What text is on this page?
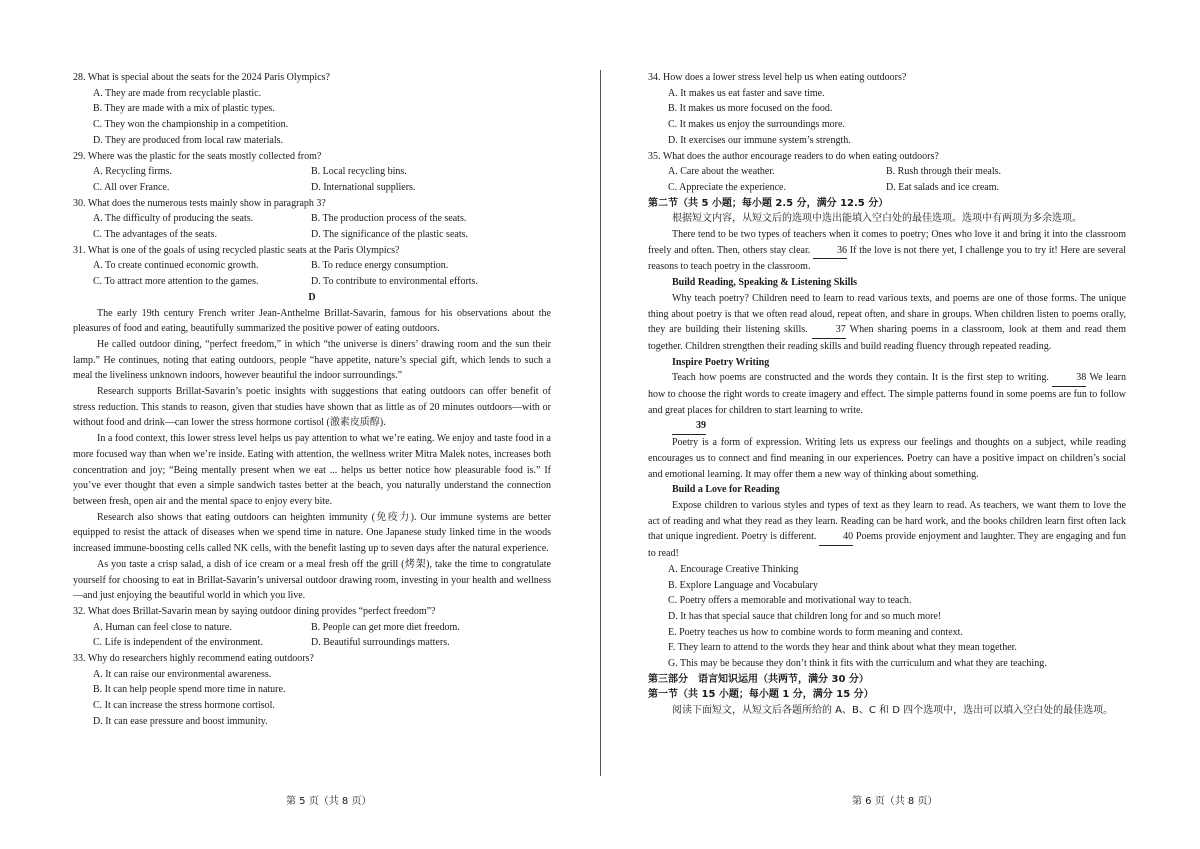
28. What is special about the seats for the 2024 Paris Olympics?
A. They are made from recyclable plastic.
B. They are made with a mix of plastic types.
C. They won the championship in a competition.
D. They are produced from local raw materials.
29. Where was the plastic for the seats mostly collected from?
A. Recycling firms.	B. Local recycling bins.
C. All over France.	D. International suppliers.
30. What does the numerous tests mainly show in paragraph 3?
A. The difficulty of producing the seats.	B. The production process of the seats.
C. The advantages of the seats.	D. The significance of the plastic seats.
31. What is one of the goals of using recycled plastic seats at the Paris Olympics?
A. To create continued economic growth.	B. To reduce energy consumption.
C. To attract more attention to the games.	D. To contribute to environmental efforts.
D
The early 19th century French writer Jean-Anthelme Brillat-Savarin, famous for his observations about the pleasures of food and eating, beautifully summarized the positive power of eating outdoors.
He called outdoor dining, “perfect freedom,” in which “the universe is diners’ drawing room and the sun their lamp.” He continues, noting that eating outdoors, people “have appetite, nature’s special gift, which lends to such a meal the liveliness unknown indoors, however beautiful the indoor surroundings.”
Research supports Brillat-Savarin’s poetic insights with suggestions that eating outdoors can offer benefit of stress reduction. This stands to reason, given that studies have shown that as little as of 20 minutes outdoors—with or without food and drink—can lower the stress hormone cortisol (激素皮质醇).
In a food context, this lower stress level helps us pay attention to what we’re eating. We enjoy and taste food in a more focused way than when we’re inside. Eating with attention, the wellness writer Mitra Malek notes, increases both concentration and joy; “Being mentally present when we eat ... helps us better notice how pleasurable food is.” If you’ve ever thought that even a simple sandwich tastes better at the beach, you naturally understand the connection between fresh, open air and the mental space to enjoy every bite.
Research also shows that eating outdoors can heighten immunity (免疫力). Our immune systems are better equipped to resist the attack of diseases when we spend time in nature. One Japanese study linked time in the woods increased immune-boosting cells called NK cells, with the benefit lasting up to seven days after the natural experience.
As you taste a crisp salad, a dish of ice cream or a meal fresh off the grill (烤架), take the time to congratulate yourself for choosing to eat in Brillat-Savarin’s universal outdoor drawing room, investing in your health and wellness—and just enjoying the beautiful world in which you live.
32. What does Brillat-Savarin mean by saying outdoor dining provides “perfect freedom”?
A. Human can feel close to nature.	B. People can get more diet freedom.
C. Life is independent of the environment.	D. Beautiful surroundings matters.
33. Why do researchers highly recommend eating outdoors?
A. It can raise our environmental awareness.
B. It can help people spend more time in nature.
C. It can increase the stress hormone cortisol.
D. It can ease pressure and boost immunity.
34. How does a lower stress level help us when eating outdoors?
A. It makes us eat faster and save time.
B. It makes us more focused on the food.
C. It makes us enjoy the surroundings more.
D. It exercises our immune system’s strength.
35. What does the author encourage readers to do when eating outdoors?
A. Care about the weather.	B. Rush through their meals.
C. Appreciate the experience.	D. Eat salads and ice cream.
第二节（共 5 小题；每小题 2.5 分，满分 12.5 分）
根据短文内容，从短文后的选项中选出能填入空白处的最佳选项。选项中有两项为多余选项。
There tend to be two types of teachers when it comes to poetry; Ones who love it and bring it into the classroom freely and often. Then, others stay clear.	36 If the love is not there yet, I challenge you to try it! Here are several reasons to teach poetry in the classroom.
Build Reading, Speaking & Listening Skills
Why teach poetry? Children need to learn to read various texts, and poems are one of those forms. The unique thing about poetry is that we often read aloud, repeat often, and share in groups. When children listen to poems orally, they are building their listening skills.	37 When sharing poems in a classroom, look at them and read them together. Children strengthen their reading skills and build reading fluency through repeated reading.
Inspire Poetry Writing
Teach how poems are constructed and the words they contain. It is the first step to writing.	38 We learn how to choose the right words to create imagery and effect. The simple patterns found in some poems are fun to follow and great places for children to start learning to write.
39
Poetry is a form of expression. Writing lets us express our feelings and thoughts on a subject, while reading encourages us to connect and find meaning in our experiences. Poetry can have a positive impact on children’s social and emotional learning. It may offer them a new way of thinking about something.
Build a Love for Reading
Expose children to various styles and types of text as they learn to read. As teachers, we want them to love the act of reading and what they read as they learn. Reading can be hard work, and the books children learn first often lack that unique ingredient. Poetry is different.	40 Poems provide enjoyment and laughter. They are engaging and fun to read!
A. Encourage Creative Thinking
B. Explore Language and Vocabulary
C. Poetry offers a memorable and motivational way to teach.
D. It has that special sauce that children long for and so much more!
E. Poetry teaches us how to combine words to form meaning and context.
F. They learn to attend to the words they hear and think about what they mean together.
G. This may be because they don’t think it fits with the curriculum and what they are teaching.
第三部分　语言知识运用（共两节，满分 30 分）
第一节（共 15 小题；每小题 1 分，满分 15 分）
阅读下面短文，从短文后各题所给的 A、B、C 和 D 四个选项中，选出可以填入空白处的最佳选项。
第 5 页（共 8 页）	第 6 页（共 8 页）
